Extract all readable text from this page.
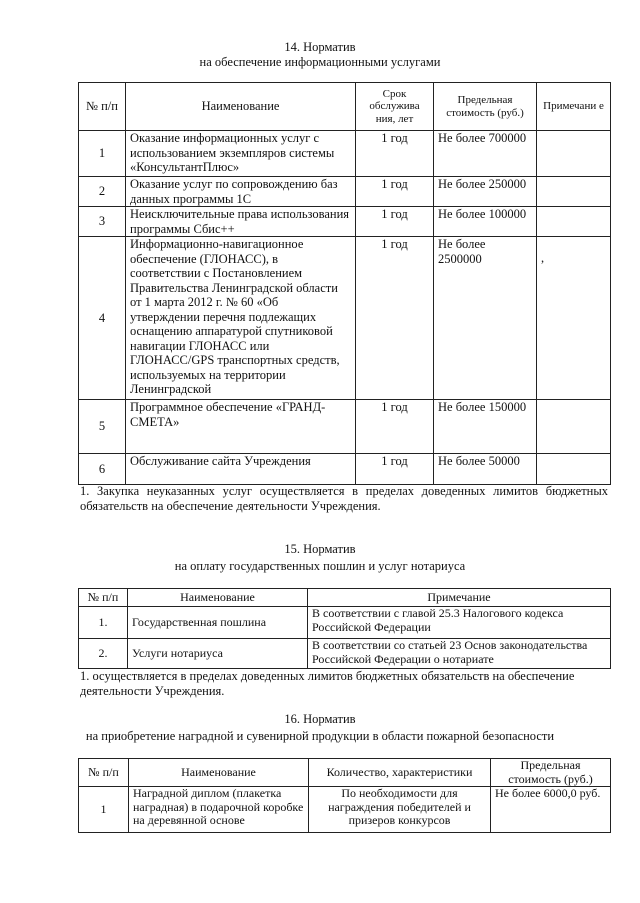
14. Норматив
на обеспечение информационными услугами
№ п/п	Наименование	Срок обслужива ния, лет	Предельная стоимость (руб.)	Примечани е
1	Оказание информационных услуг с использованием экземпляров системы «КонсультантПлюс»	1 год	Не более 700000	
2	Оказание услуг по сопровождению баз данных программы 1С	1 год	Не более 250000	
3	Неисключительные права использования программы Сбис++	1 год	Не более 100000	
4	Информационно-навигационное обеспечение (ГЛОНАСС), в соответствии с Постановлением Правительства Ленинградской области от 1 марта 2012 г. № 60 «Об утверждении перечня подлежащих оснащению аппаратурой спутниковой навигации ГЛОНАСС или ГЛОНАСС/GPS транспортных средств, используемых на территории Ленинградской	1 год	Не более 2500000	,
5	Программное обеспечение «ГРАНД-СМЕТА»	1 год	Не более 150000	
6	Обслуживание сайта Учреждения	1 год	Не более 50000	
1. Закупка неуказанных услуг осуществляется в пределах доведенных лимитов бюджетных обязательств на обеспечение деятельности Учреждения.
15. Норматив
на оплату государственных пошлин и услуг нотариуса
№ п/п	Наименование	Примечание
1.	Государственная пошлина	В соответствии с главой 25.3 Налогового кодекса Российской Федерации
2.	Услуги нотариуса	В соответствии со статьей 23 Основ законодательства Российской Федерации о нотариате
1. осуществляется в пределах доведенных лимитов бюджетных обязательств на обеспечение деятельности Учреждения.
16. Норматив
на приобретение наградной и сувенирной продукции в области пожарной безопасности
№ п/п	Наименование	Количество, характеристики	Предельная стоимость (руб.)
1	Наградной диплом (плакетка наградная) в подарочной коробке на деревянной основе	По необходимости для награждения победителей и призеров конкурсов	Не более 6000,0 руб.
